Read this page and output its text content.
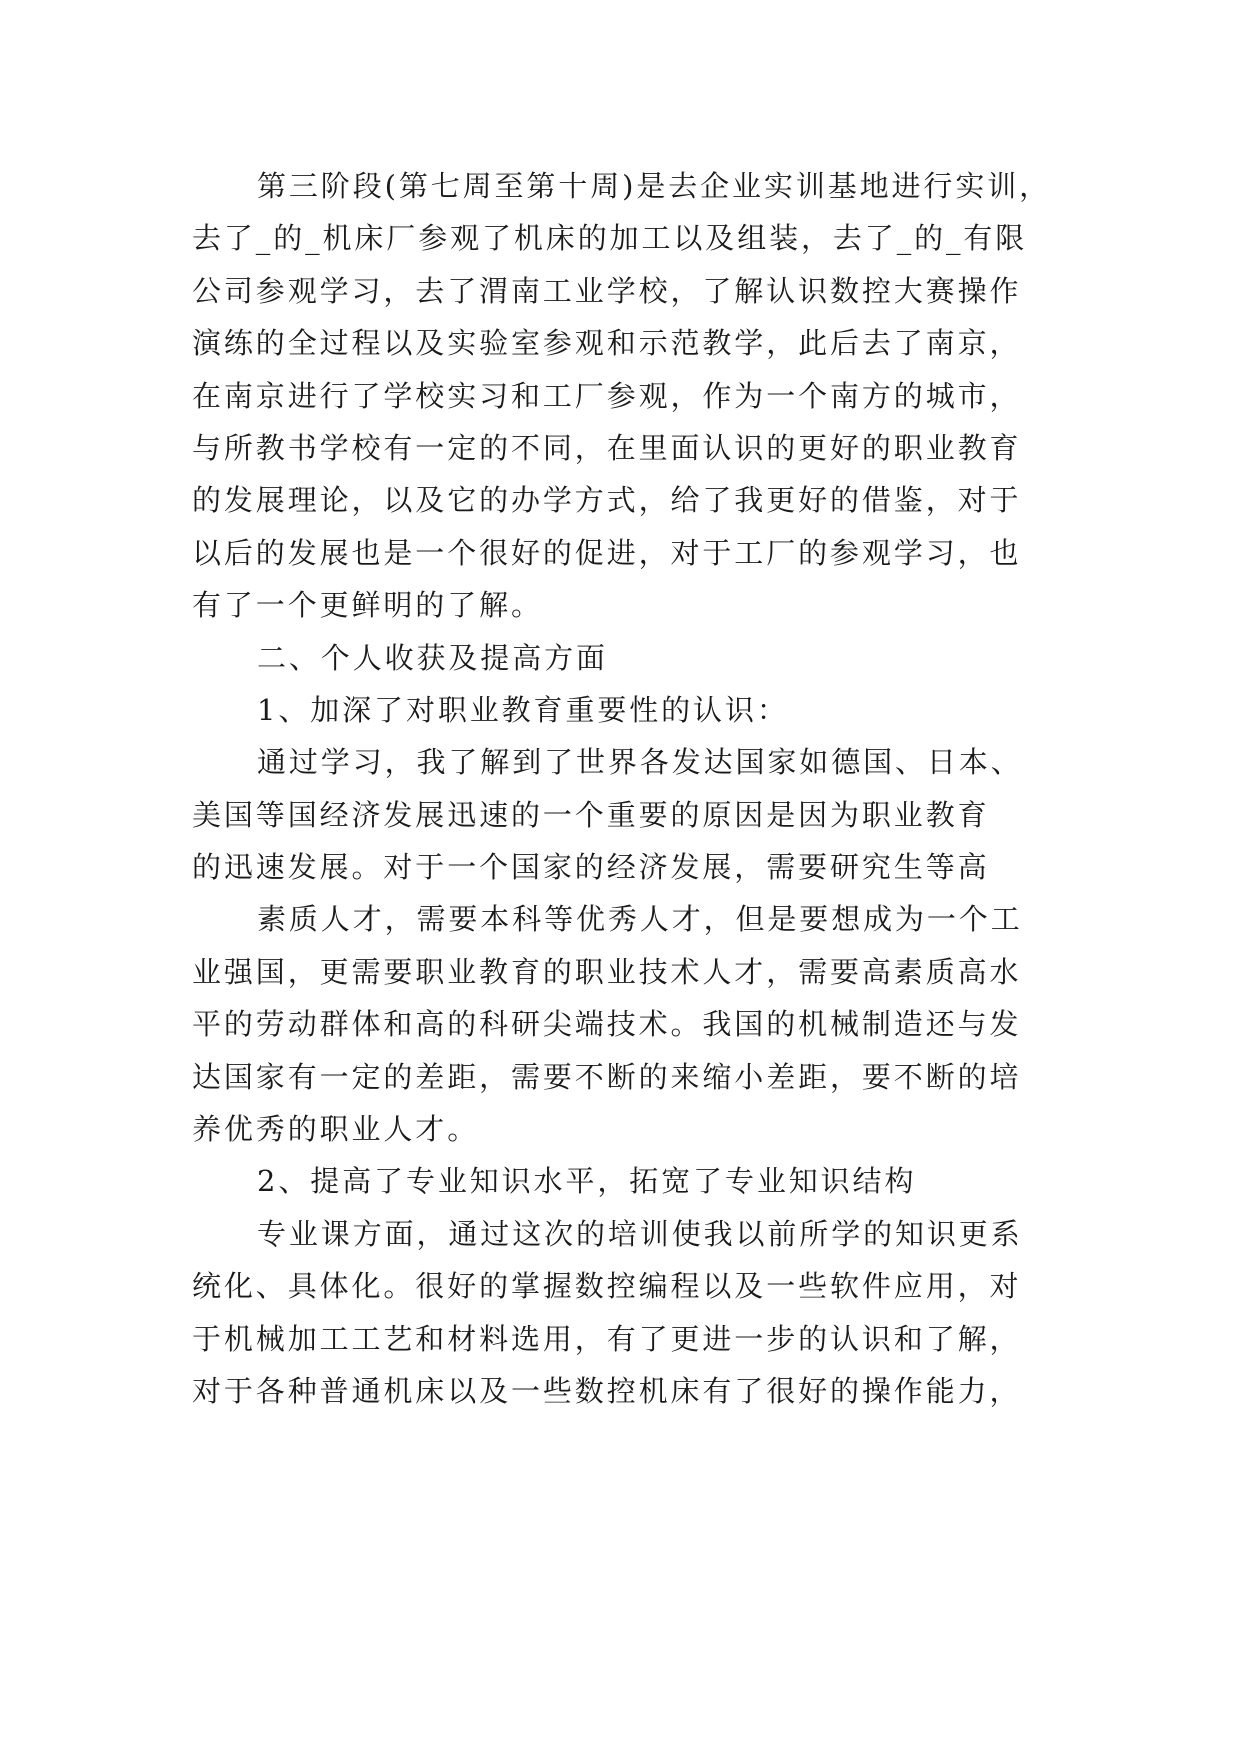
第三阶段(第七周至第十周)是去企业实训基地进行实训，
去了_的_机床厂参观了机床的加工以及组装，去了_的_有限
公司参观学习，去了渭南工业学校，了解认识数控大赛操作
演练的全过程以及实验室参观和示范教学，此后去了南京，
在南京进行了学校实习和工厂参观，作为一个南方的城市，
与所教书学校有一定的不同，在里面认识的更好的职业教育
的发展理论，以及它的办学方式，给了我更好的借鉴，对于
以后的发展也是一个很好的促进，对于工厂的参观学习，也
有了一个更鲜明的了解。
二、个人收获及提高方面
1、加深了对职业教育重要性的认识：
通过学习，我了解到了世界各发达国家如德国、日本、
美国等国经济发展迅速的一个重要的原因是因为职业教育
的迅速发展。对于一个国家的经济发展，需要研究生等高
素质人才，需要本科等优秀人才，但是要想成为一个工
业强国，更需要职业教育的职业技术人才，需要高素质高水
平的劳动群体和高的科研尖端技术。我国的机械制造还与发
达国家有一定的差距，需要不断的来缩小差距，要不断的培
养优秀的职业人才。
2、提高了专业知识水平，拓宽了专业知识结构
专业课方面，通过这次的培训使我以前所学的知识更系
统化、具体化。很好的掌握数控编程以及一些软件应用，对
于机械加工工艺和材料选用，有了更进一步的认识和了解，
对于各种普通机床以及一些数控机床有了很好的操作能力，
